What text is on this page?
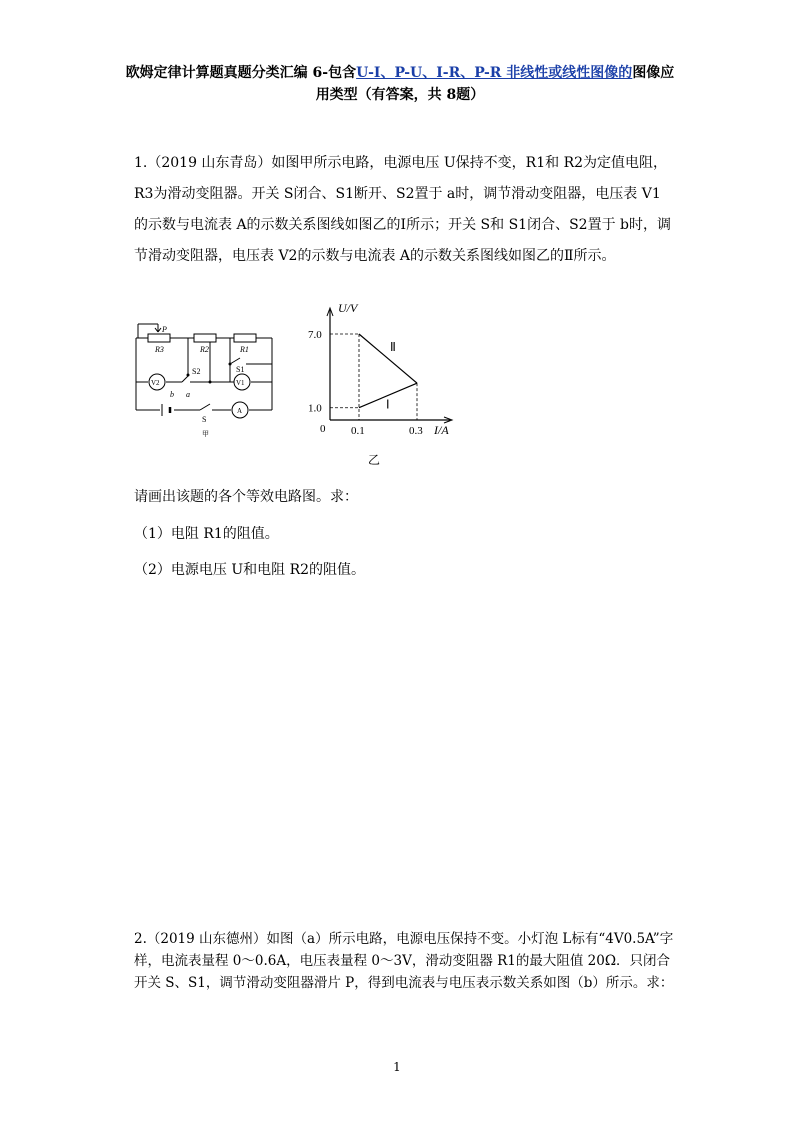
欧姆定律计算题真题分类汇编 6-包含U-I、P-U、I-R、P-R 非线性或线性图像的图像应
用类型（有答案，共 8题）
1.（2019 山东青岛）如图甲所示电路，电源电压 U保持不变，R1和 R2为定值电阻，R3为滑动变阻器。开关 S闭合、S1断开、S2置于 a时，调节滑动变阻器，电压表 V1的示数与电流表 A的示数关系图线如图乙的Ⅰ所示；开关 S和 S1闭合、S2置于 b时，调节滑动变阻器，电压表 V2的示数与电流表 A的示数关系图线如图乙的Ⅱ所示。
P
R3	R2	R1
S2	S1
a
b
S
甲
V2	V1
A
U/V
I/A
0 0.1	0.3
7.0
1.0	Ⅰ
Ⅱ
乙
请画出该题的各个等效电路图。求：
（1）电阻 R1的阻值。
（2）电源电压 U和电阻 R2的阻值。
2.（2019 山东德州）如图（a）所示电路，电源电压保持不变。小灯泡 L标有“4V0.5A”字样，电流表量程 0～0.6A，电压表量程 0～3V，滑动变阻器 R1的最大阻值 20Ω．只闭合开关 S、S1，调节滑动变阻器滑片 P，得到电流表与电压表示数关系如图（b）所示。求：
1
